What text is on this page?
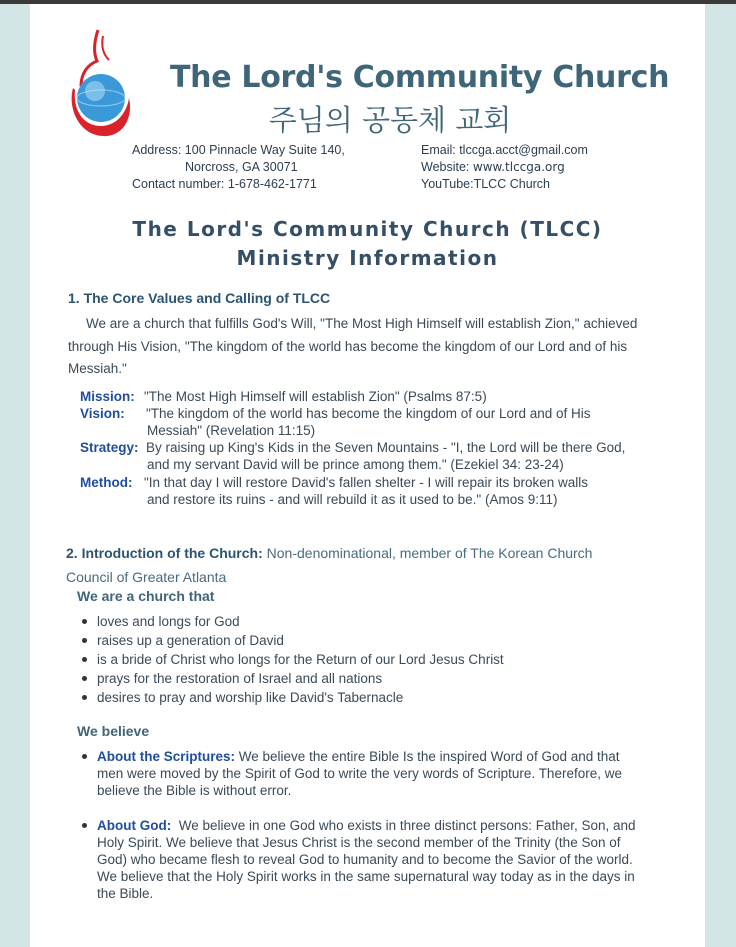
The Lord's Community Church
주님의 공동체 교회
Address: 100 Pinnacle Way Suite 140,
Norcross, GA 30071
Contact number: 1-678-462-1771
Email: tlccga.acct@gmail.com
Website: www.tlccga.org
YouTube:TLCC Church
The Lord's Community Church (TLCC)
Ministry Information
1. The Core Values and Calling of TLCC
We are a church that fulfills God's Will, "The Most High Himself will establish Zion," achieved
through His Vision, "The kingdom of the world has become the kingdom of our Lord and of his
Messiah."
Mission: "The Most High Himself will establish Zion" (Psalms 87:5)
Vision: "The kingdom of the world has become the kingdom of our Lord and of His
Messiah" (Revelation 11:15)
Strategy: By raising up King's Kids in the Seven Mountains - "I, the Lord will be there God,
and my servant David will be prince among them." (Ezekiel 34: 23-24)
Method: "In that day I will restore David's fallen shelter - I will repair its broken walls
and restore its ruins - and will rebuild it as it used to be." (Amos 9:11)
2. Introduction of the Church: Non-denominational, member of The Korean Church
Council of Greater Atlanta
We are a church that
loves and longs for God
raises up a generation of David
is a bride of Christ who longs for the Return of our Lord Jesus Christ
prays for the restoration of Israel and all nations
desires to pray and worship like David's Tabernacle
We believe
About the Scriptures: We believe the entire Bible Is the inspired Word of God and that
men were moved by the Spirit of God to write the very words of Scripture. Therefore, we
believe the Bible is without error.
About God: We believe in one God who exists in three distinct persons: Father, Son, and
Holy Spirit. We believe that Jesus Christ is the second member of the Trinity (the Son of
God) who became flesh to reveal God to humanity and to become the Savior of the world.
We believe that the Holy Spirit works in the same supernatural way today as in the days in
the Bible.
